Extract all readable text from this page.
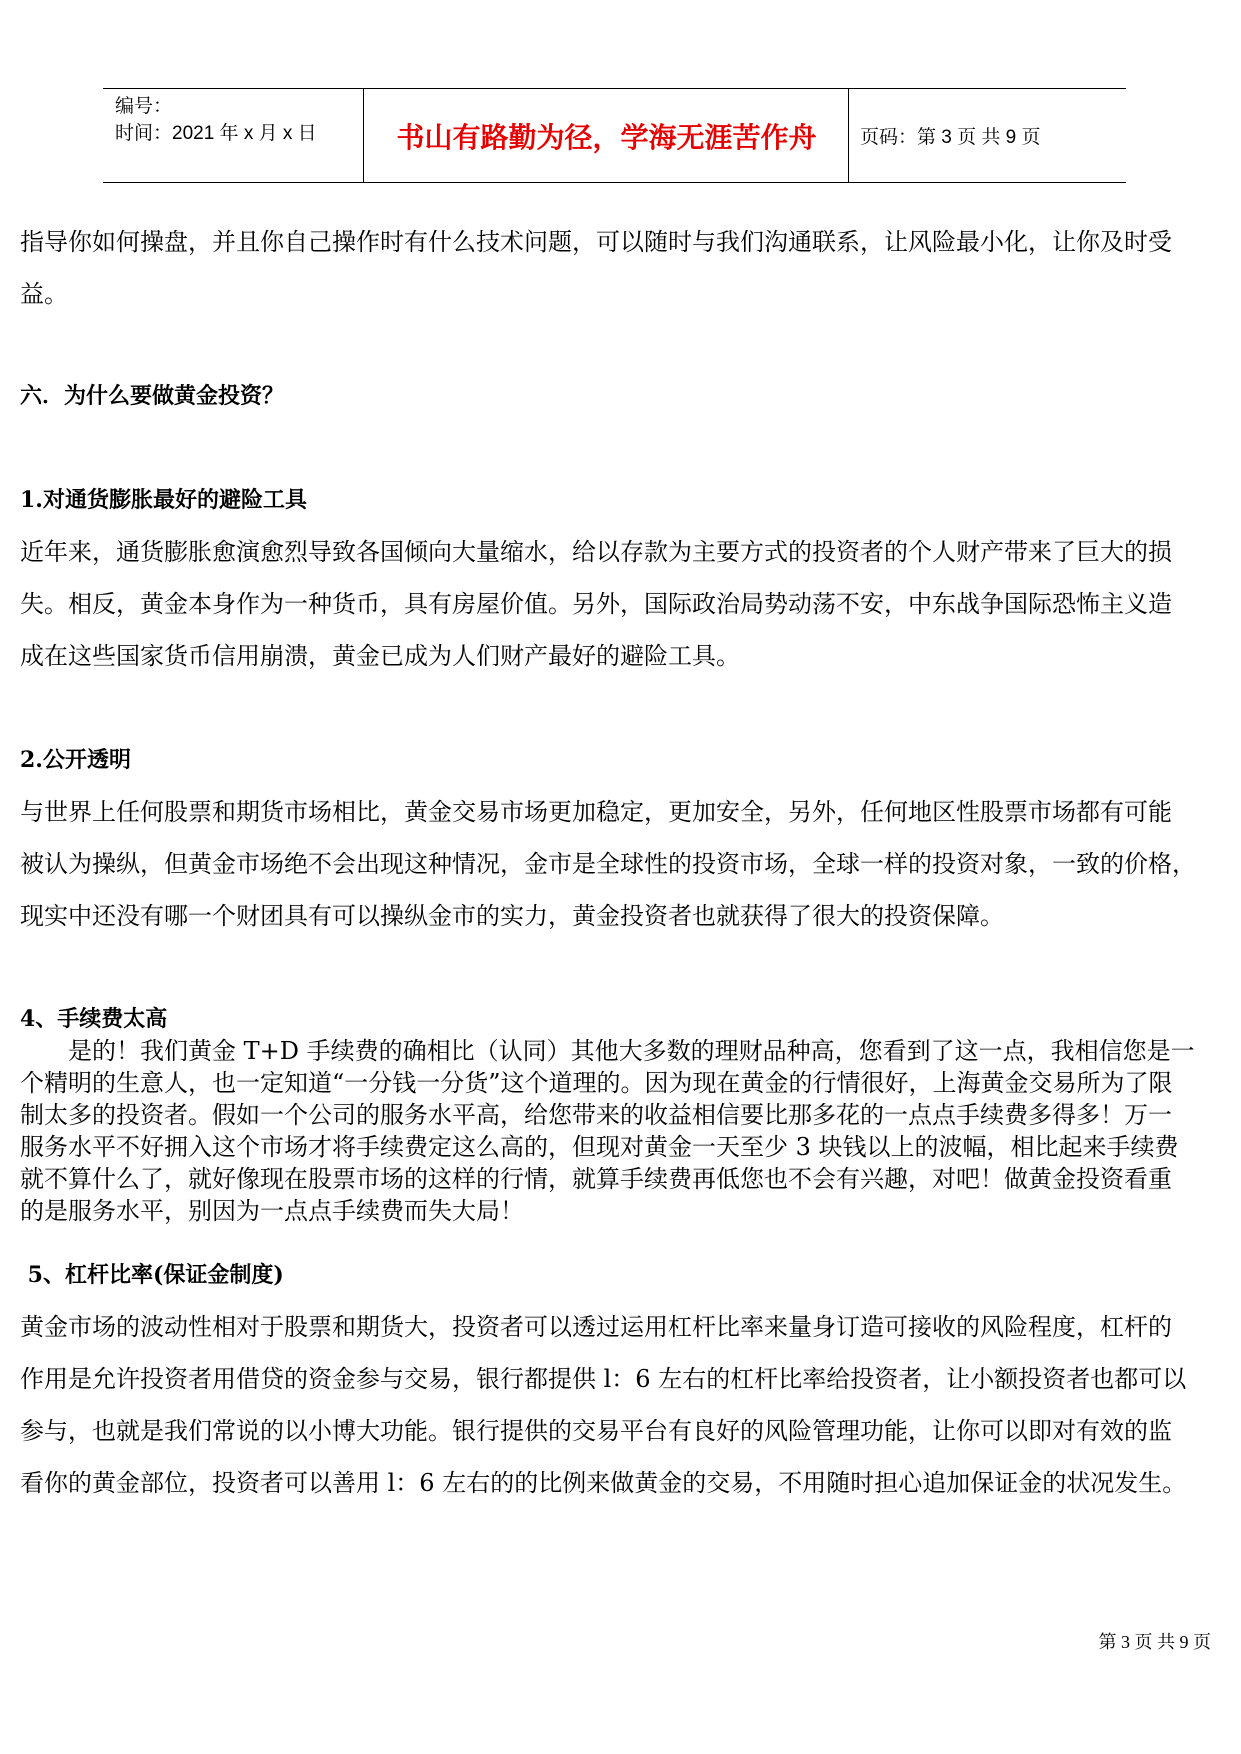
编号：
时间：2021 年 x 月 x 日	书山有路勤为径，学海无涯苦作舟	页码：第 3 页 共 9 页
指导你如何操盘，并且你自己操作时有什么技术问题，可以随时与我们沟通联系，让风险最小化，让你及时受
益。
六．为什么要做黄金投资？
1.对通货膨胀最好的避险工具
近年来，通货膨胀愈演愈烈导致各国倾向大量缩水，给以存款为主要方式的投资者的个人财产带来了巨大的损
失。相反，黄金本身作为一种货币，具有房屋价值。另外，国际政治局势动荡不安，中东战争国际恐怖主义造
成在这些国家货币信用崩溃，黄金已成为人们财产最好的避险工具。
2.公开透明
与世界上任何股票和期货市场相比，黄金交易市场更加稳定，更加安全，另外，任何地区性股票市场都有可能
被认为操纵，但黄金市场绝不会出现这种情况，金市是全球性的投资市场，全球一样的投资对象，一致的价格，
现实中还没有哪一个财团具有可以操纵金市的实力，黄金投资者也就获得了很大的投资保障。
4、手续费太高
　　是的！我们黄金 T+D 手续费的确相比（认同）其他大多数的理财品种高，您看到了这一点，我相信您是一
个精明的生意人，也一定知道“一分钱一分货”这个道理的。因为现在黄金的行情很好，上海黄金交易所为了限
制太多的投资者。假如一个公司的服务水平高，给您带来的收益相信要比那多花的一点点手续费多得多！万一
服务水平不好拥入这个市场才将手续费定这么高的，但现对黄金一天至少 3 块钱以上的波幅，相比起来手续费
就不算什么了，就好像现在股票市场的这样的行情，就算手续费再低您也不会有兴趣，对吧！做黄金投资看重
的是服务水平，别因为一点点手续费而失大局！
5、杠杆比率(保证金制度)
黄金市场的波动性相对于股票和期货大，投资者可以透过运用杠杆比率来量身订造可接收的风险程度，杠杆的
作用是允许投资者用借贷的资金参与交易，银行都提供 l：6 左右的杠杆比率给投资者，让小额投资者也都可以
参与，也就是我们常说的以小博大功能。银行提供的交易平台有良好的风险管理功能，让你可以即对有效的监
看你的黄金部位，投资者可以善用 l：6 左右的的比例来做黄金的交易，不用随时担心追加保证金的状况发生。
第 3 页 共 9 页
